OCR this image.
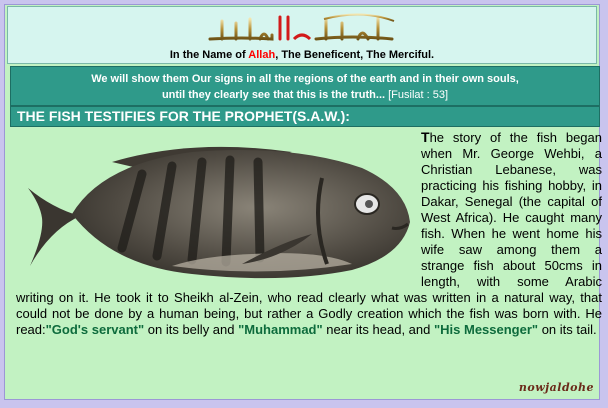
بسم الله الرحمن الرحيم
In the Name of Allah, The Beneficent, The Merciful.
We will show them Our signs in all the regions of the earth and in their own souls,
until they clearly see that this is the truth... [Fusilat : 53]
THE FISH TESTIFIES FOR THE PROPHET(S.A.W.):
The story of the fish began when Mr. George Wehbi, a Christian Lebanese, was practicing his fishing hobby, in Dakar, Senegal (the capital of West Africa). He caught many fish. When he went home his wife saw among them a strange fish about 50cms in length, with some Arabic writing on it. He took it to Sheikh al-Zein, who read clearly what was written in a natural way, that could not be done by a human being, but rather a Godly creation which the fish was born with. He read:"God's servant" on its belly and "Muhammad" near its head, and "His Messenger" on its tail.
nowjaldohe
